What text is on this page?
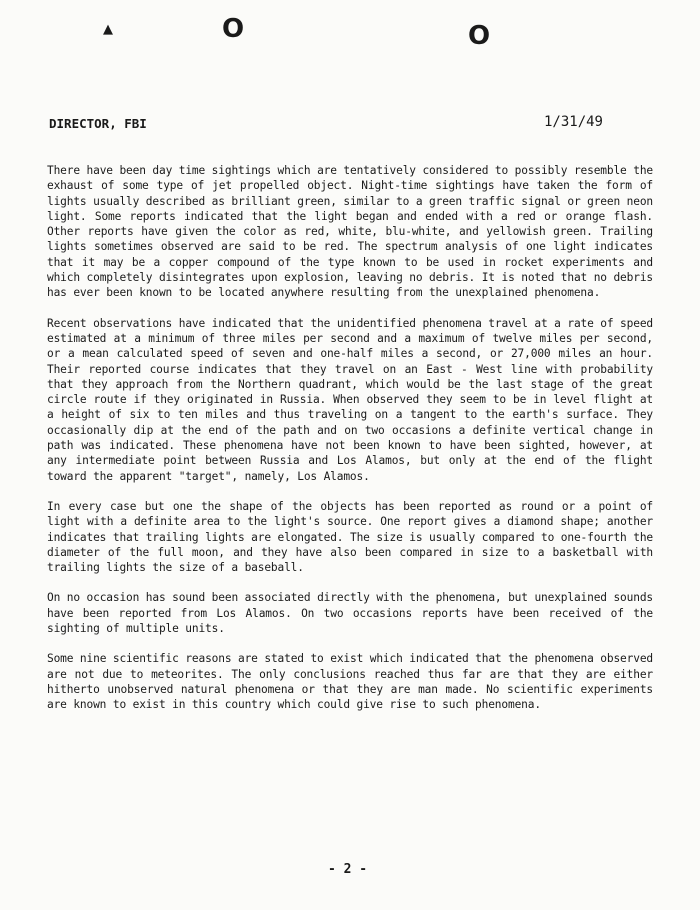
▲	O	O
DIRECTOR, FBI	1/31/49

There have been day time sightings which are tentatively considered to possibly resemble the exhaust of some type of jet propelled object. Night-time sightings have taken the form of lights usually described as brilliant green, similar to a green traffic signal or green neon light. Some reports indicated that the light began and ended with a red or orange flash. Other reports have given the color as red, white, blu-white, and yellowish green. Trailing lights sometimes observed are said to be red. The spectrum analysis of one light indicates that it may be a copper compound of the type known to be used in rocket experiments and which completely disintegrates upon explosion, leaving no debris. It is noted that no debris has ever been known to be located anywhere resulting from the unexplained phenomena.

Recent observations have indicated that the unidentified phenomena travel at a rate of speed estimated at a minimum of three miles per second and a maximum of twelve miles per second, or a mean calculated speed of seven and one-half miles a second, or 27,000 miles an hour. Their reported course indicates that they travel on an East - West line with probability that they approach from the Northern quadrant, which would be the last stage of the great circle route if they originated in Russia. When observed they seem to be in level flight at a height of six to ten miles and thus traveling on a tangent to the earth's surface. They occasionally dip at the end of the path and on two occasions a definite vertical change in path was indicated. These phenomena have not been known to have been sighted, however, at any intermediate point between Russia and Los Alamos, but only at the end of the flight toward the apparent "target", namely, Los Alamos.

In every case but one the shape of the objects has been reported as round or a point of light with a definite area to the light's source. One report gives a diamond shape; another indicates that trailing lights are elongated. The size is usually compared to one-fourth the diameter of the full moon, and they have also been compared in size to a basketball with trailing lights the size of a baseball.

On no occasion has sound been associated directly with the phenomena, but unexplained sounds have been reported from Los Alamos. On two occasions reports have been received of the sighting of multiple units.

Some nine scientific reasons are stated to exist which indicated that the phenomena observed are not due to meteorites. The only conclusions reached thus far are that they are either hitherto unobserved natural phenomena or that they are man made. No scientific experiments are known to exist in this country which could give rise to such phenomena.

- 2 -
